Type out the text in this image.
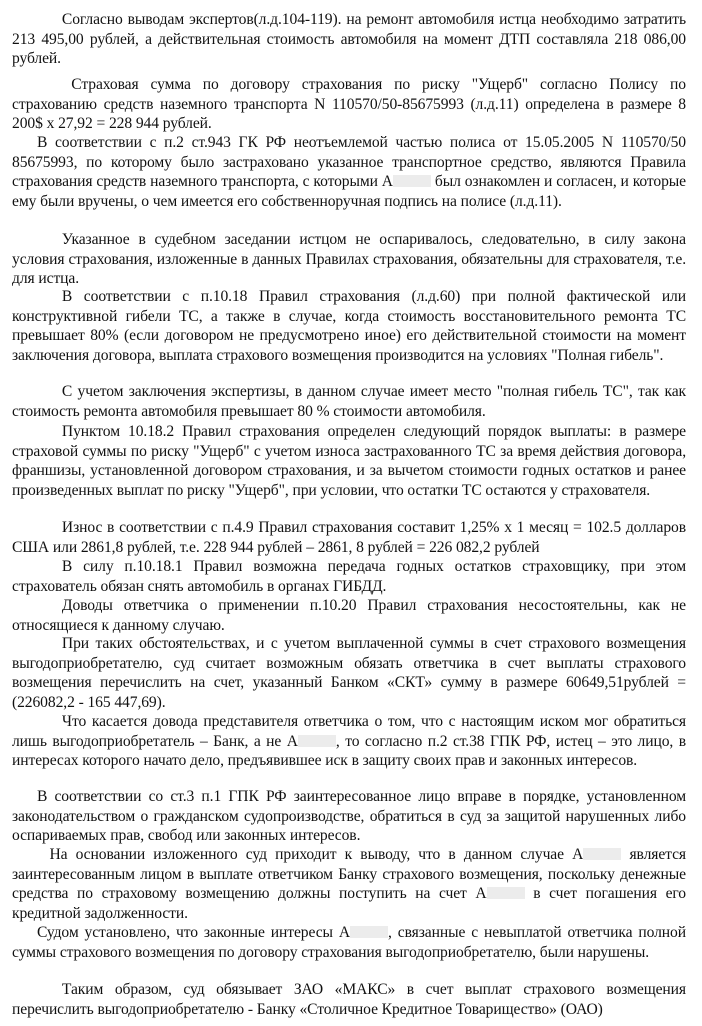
Согласно выводам экспертов(л.д.104-119). на ремонт автомобиля истца необходимо затратить 213 495,00 рублей, а действительная стоимость автомобиля на момент ДТП составляла 218 086,00 рублей.

Страховая сумма по договору страхования по риску "Ущерб" согласно Полису по страхованию средств наземного транспорта N 110570/50-85675993 (л.д.11) определена в размере 8 200$ х 27,92 = 228 944 рублей.

В соответствии с п.2 ст.943 ГК РФ неотъемлемой частью полиса от 15.05.2005 N 110570/50 85675993, по которому было застраховано указанное транспортное средство, являются Правила страхования средств наземного транспорта, с которыми А был ознакомлен и согласен, и которые ему были вручены, о чем имеется его собственноручная подпись на полисе (л.д.11).

Указанное в судебном заседании истцом не оспаривалось, следовательно, в силу закона условия страхования, изложенные в данных Правилах страхования, обязательны для страхователя, т.е. для истца.

В соответствии с п.10.18 Правил страхования (л.д.60) при полной фактической или конструктивной гибели ТС, а также в случае, когда стоимость восстановительного ремонта ТС превышает 80% (если договором не предусмотрено иное) его действительной стоимости на момент заключения договора, выплата страхового возмещения производится на условиях "Полная гибель".

С учетом заключения экспертизы, в данном случае имеет место "полная гибель ТС", так как стоимость ремонта автомобиля превышает 80 % стоимости автомобиля.

Пунктом 10.18.2 Правил страхования определен следующий порядок выплаты: в размере страховой суммы по риску "Ущерб" с учетом износа застрахованного ТС за время действия договора, франшизы, установленной договором страхования, и за вычетом стоимости годных остатков и ранее произведенных выплат по риску "Ущерб", при условии, что остатки ТС остаются у страхователя.

Износ в соответствии с п.4.9 Правил страхования составит 1,25% х 1 месяц = 102.5 долларов США или 2861,8 рублей, т.е. 228 944 рублей – 2861, 8 рублей = 226 082,2 рублей

В силу п.10.18.1 Правил возможна передача годных остатков страховщику, при этом страхователь обязан снять автомобиль в органах ГИБДД.

Доводы ответчика о применении п.10.20 Правил страхования несостоятельны, как не относящиеся к данному случаю.

При таких обстоятельствах, и с учетом выплаченной суммы в счет страхового возмещения выгодоприобретателю, суд считает возможным обязать ответчика в счет выплаты страхового возмещения перечислить на счет, указанный Банком «СКТ» сумму в размере 60649,51рублей = (226082,2 - 165 447,69).

Что касается довода представителя ответчика о том, что с настоящим иском мог обратиться лишь выгодоприобретатель – Банк, а не А , то согласно п.2 ст.38 ГПК РФ, истец – это лицо, в интересах которого начато дело, предъявившее иск в защиту своих прав и законных интересов.

В соответствии со ст.3 п.1 ГПК РФ заинтересованное лицо вправе в порядке, установленном законодательством о гражданском судопроизводстве, обратиться в суд за защитой нарушенных либо оспариваемых прав, свобод или законных интересов.

На основании изложенного суд приходит к выводу, что в данном случае А является заинтересованным лицом в выплате ответчиком Банку страхового возмещения, поскольку денежные средства по страховому возмещению должны поступить на счет А в счет погашения его кредитной задолженности.

Судом установлено, что законные интересы А , связанные с невыплатой ответчика полной суммы страхового возмещения по договору страхования выгодоприобретателю, были нарушены.

Таким образом, суд обязывает ЗАО «МАКС» в счет выплат страхового возмещения перечислить выгодоприобретателю - Банку «Столичное Кредитное Товарищество» (ОАО)
